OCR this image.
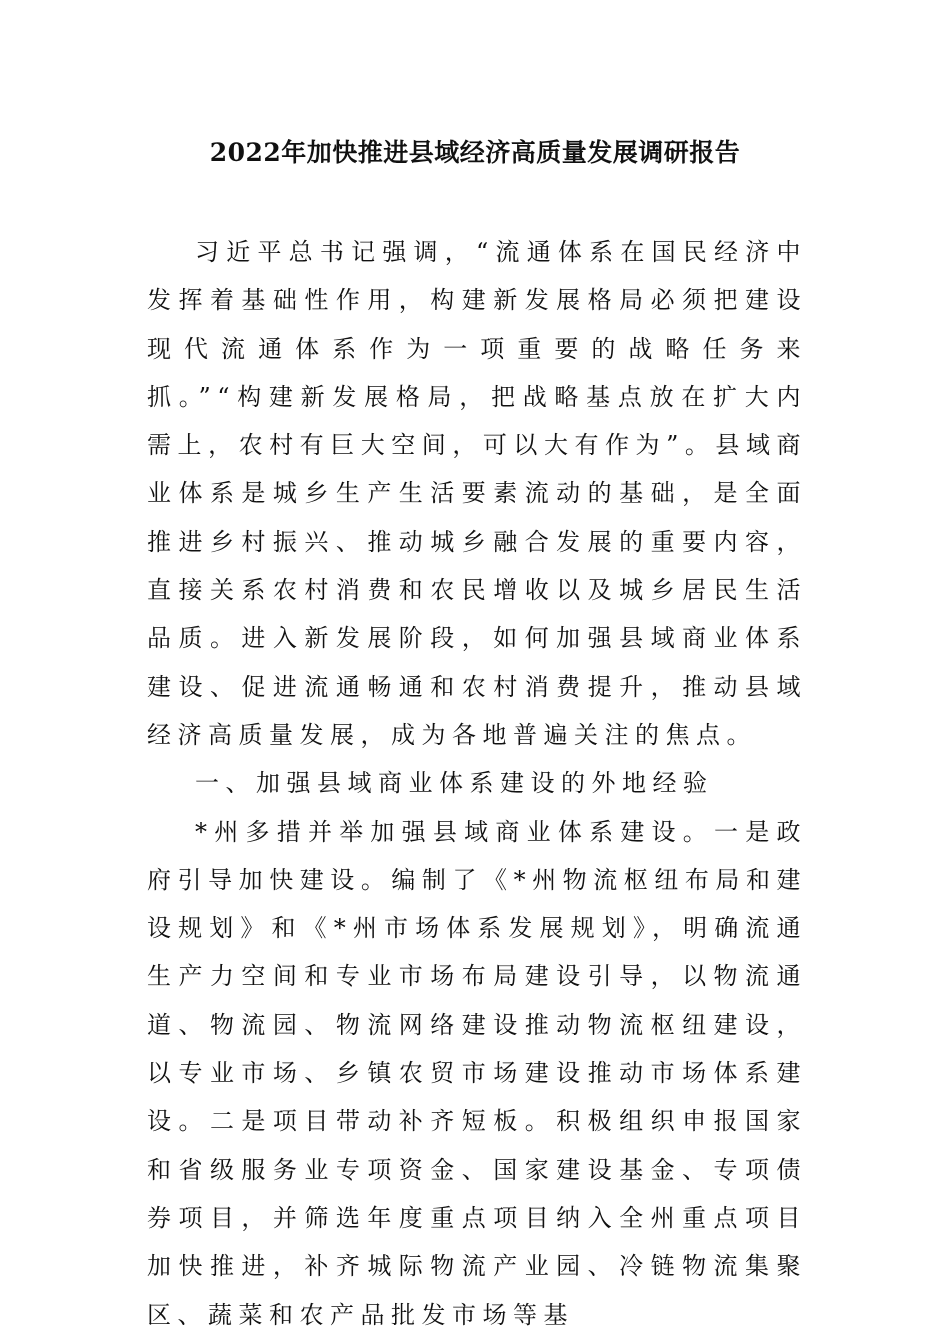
2022年加快推进县域经济高质量发展调研报告

习近平总书记强调，“流通体系在国民经济中发挥着基础性作用，构建新发展格局必须把建设现代流通体系作为一项重要的战略任务来抓。”“构建新发展格局，把战略基点放在扩大内需上，农村有巨大空间，可以大有作为”。县域商业体系是城乡生产生活要素流动的基础，是全面推进乡村振兴、推动城乡融合发展的重要内容，直接关系农村消费和农民增收以及城乡居民生活品质。进入新发展阶段，如何加强县域商业体系建设、促进流通畅通和农村消费提升，推动县域经济高质量发展，成为各地普遍关注的焦点。

一、加强县域商业体系建设的外地经验

*州多措并举加强县域商业体系建设。一是政府引导加快建设。编制了《*州物流枢纽布局和建设规划》和《*州市场体系发展规划》，明确流通生产力空间和专业市场布局建设引导，以物流通道、物流园、物流网络建设推动物流枢纽建设，以专业市场、乡镇农贸市场建设推动市场体系建设。二是项目带动补齐短板。积极组织申报国家和省级服务业专项资金、国家建设基金、专项债券项目，并筛选年度重点项目纳入全州重点项目加快推进，补齐城际物流产业园、冷链物流集聚区、蔬菜和农产品批发市场等基
